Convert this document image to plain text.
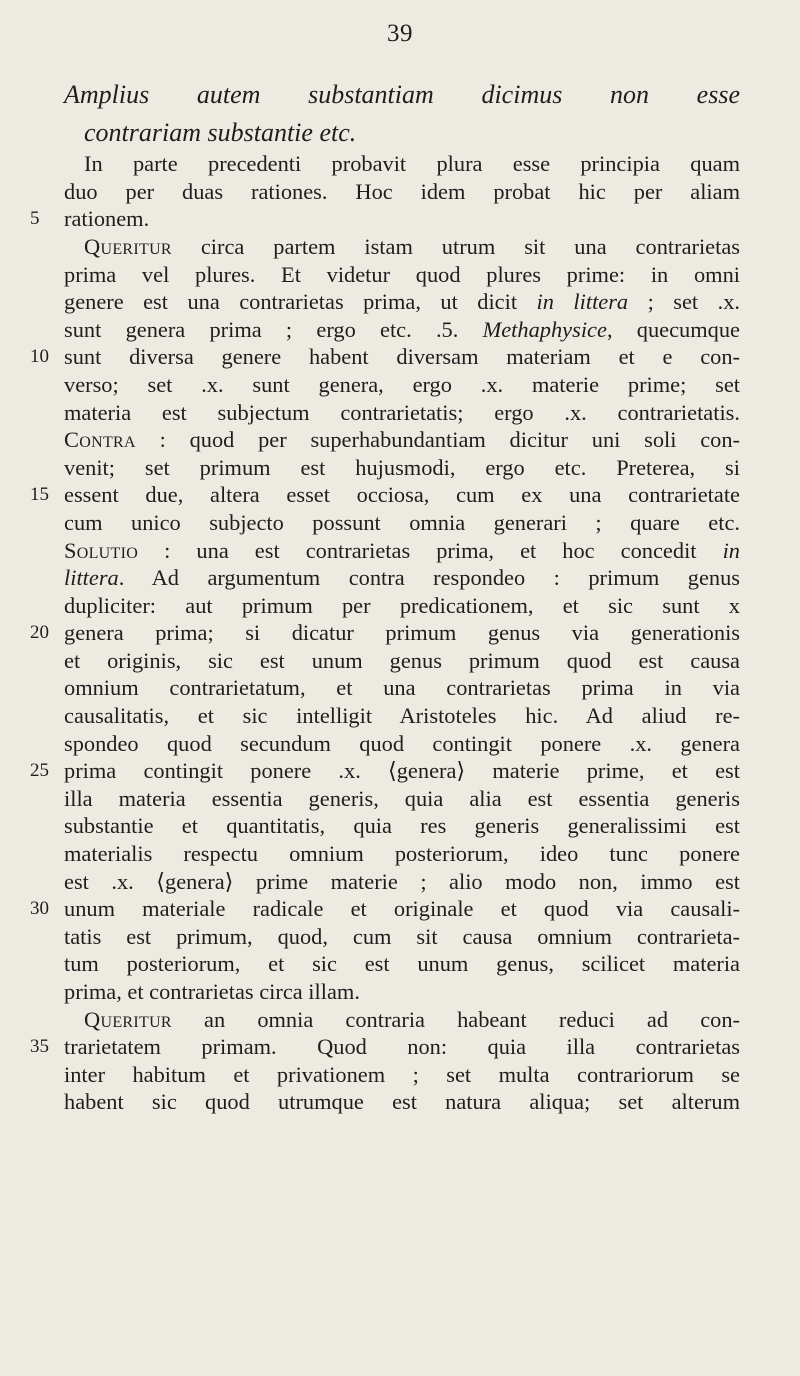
39
Amplius autem substantiam dicimus non esse
contrariam substantie etc.
In parte precedenti probavit plura esse principia quam
duo per duas rationes. Hoc idem probat hic per aliam
5	rationem.
Queritur circa partem istam utrum sit una contrarietas
prima vel plures. Et videtur quod plures prime: in omni
genere est una contrarietas prima, ut dicit in littera ; set .x.
sunt genera prima ; ergo etc. .5. Methaphysice, quecumque
10 sunt diversa genere habent diversam materiam et e con-
verso; set .x. sunt genera, ergo .x. materie prime; set
materia est subjectum contrarietatis; ergo .x. contrarietatis.
Contra : quod per superhabundantiam dicitur uni soli con-
venit; set primum est hujusmodi, ergo etc. Preterea, si
15 essent due, altera esset occiosa, cum ex una contrarietate
cum unico subjecto possunt omnia generari ; quare etc.
Solutio : una est contrarietas prima, et hoc concedit in
littera. Ad argumentum contra respondeo : primum genus
dupliciter: aut primum per predicationem, et sic sunt x
20 genera prima; si dicatur primum genus via generationis
et originis, sic est unum genus primum quod est causa
omnium contrarietatum, et una contrarietas prima in via
causalitatis, et sic intelligit Aristoteles hic. Ad aliud re-
spondeo quod secundum quod contingit ponere .x. genera
25 prima contingit ponere .x. ⟨genera⟩ materie prime, et est
illa materia essentia generis, quia alia est essentia generis
substantie et quantitatis, quia res generis generalissimi est
materialis respectu omnium posteriorum, ideo tunc ponere
est .x. ⟨genera⟩ prime materie ; alio modo non, immo est
30 unum materiale radicale et originale et quod via causali-
tatis est primum, quod, cum sit causa omnium contrarieta-
tum posteriorum, et sic est unum genus, scilicet materia
prima, et contrarietas circa illam.
Queritur an omnia contraria habeant reduci ad con-
35 trarietatem primam. Quod non: quia illa contrarietas
inter habitum et privationem ; set multa contrariorum se
habent sic quod utrumque est natura aliqua; set alterum
